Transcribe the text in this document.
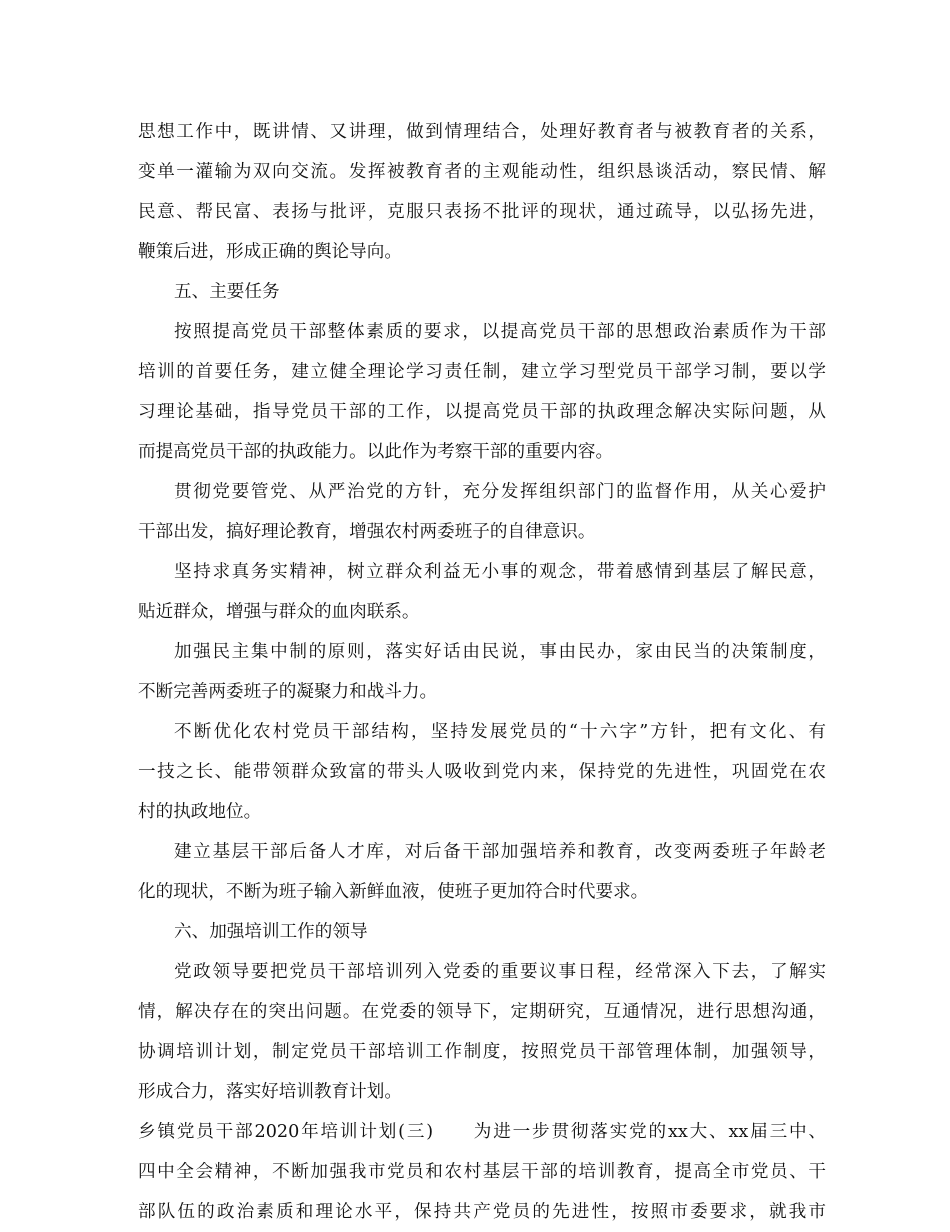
思想工作中，既讲情、又讲理，做到情理结合，处理好教育者与被教育者的关系，
变单一灌输为双向交流。发挥被教育者的主观能动性，组织恳谈活动，察民情、解
民意、帮民富、表扬与批评，克服只表扬不批评的现状，通过疏导，以弘扬先进，
鞭策后进，形成正确的舆论导向。
五、主要任务
按照提高党员干部整体素质的要求，以提高党员干部的思想政治素质作为干部
培训的首要任务，建立健全理论学习责任制，建立学习型党员干部学习制，要以学
习理论基础，指导党员干部的工作，以提高党员干部的执政理念解决实际问题，从
而提高党员干部的执政能力。以此作为考察干部的重要内容。
贯彻党要管党、从严治党的方针，充分发挥组织部门的监督作用，从关心爱护
干部出发，搞好理论教育，增强农村两委班子的自律意识。
坚持求真务实精神，树立群众利益无小事的观念，带着感情到基层了解民意，
贴近群众，增强与群众的血肉联系。
加强民主集中制的原则，落实好话由民说，事由民办，家由民当的决策制度，
不断完善两委班子的凝聚力和战斗力。
不断优化农村党员干部结构，坚持发展党员的“十六字”方针，把有文化、有
一技之长、能带领群众致富的带头人吸收到党内来，保持党的先进性，巩固党在农
村的执政地位。
建立基层干部后备人才库，对后备干部加强培养和教育，改变两委班子年龄老
化的现状，不断为班子输入新鲜血液，使班子更加符合时代要求。
六、加强培训工作的领导
党政领导要把党员干部培训列入党委的重要议事日程，经常深入下去，了解实
情，解决存在的突出问题。在党委的领导下，定期研究，互通情况，进行思想沟通，
协调培训计划，制定党员干部培训工作制度，按照党员干部管理体制，加强领导，
形成合力，落实好培训教育计划。
乡镇党员干部2020年培训计划(三)　　为进一步贯彻落实党的xx大、xx届三中、
四中全会精神，不断加强我市党员和农村基层干部的培训教育，提高全市党员、干
部队伍的政治素质和理论水平，保持共产党员的先进性，按照市委要求，就我市
